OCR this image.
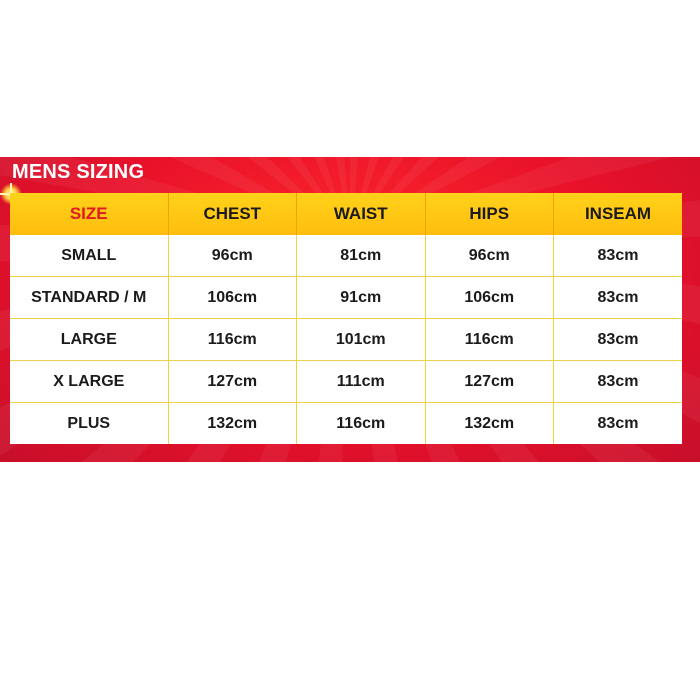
MENS SIZING
SIZE	CHEST	WAIST	HIPS	INSEAM
SMALL	96cm	81cm	96cm	83cm
STANDARD / M	106cm	91cm	106cm	83cm
LARGE	116cm	101cm	116cm	83cm
X LARGE	127cm	111cm	127cm	83cm
PLUS	132cm	116cm	132cm	83cm
